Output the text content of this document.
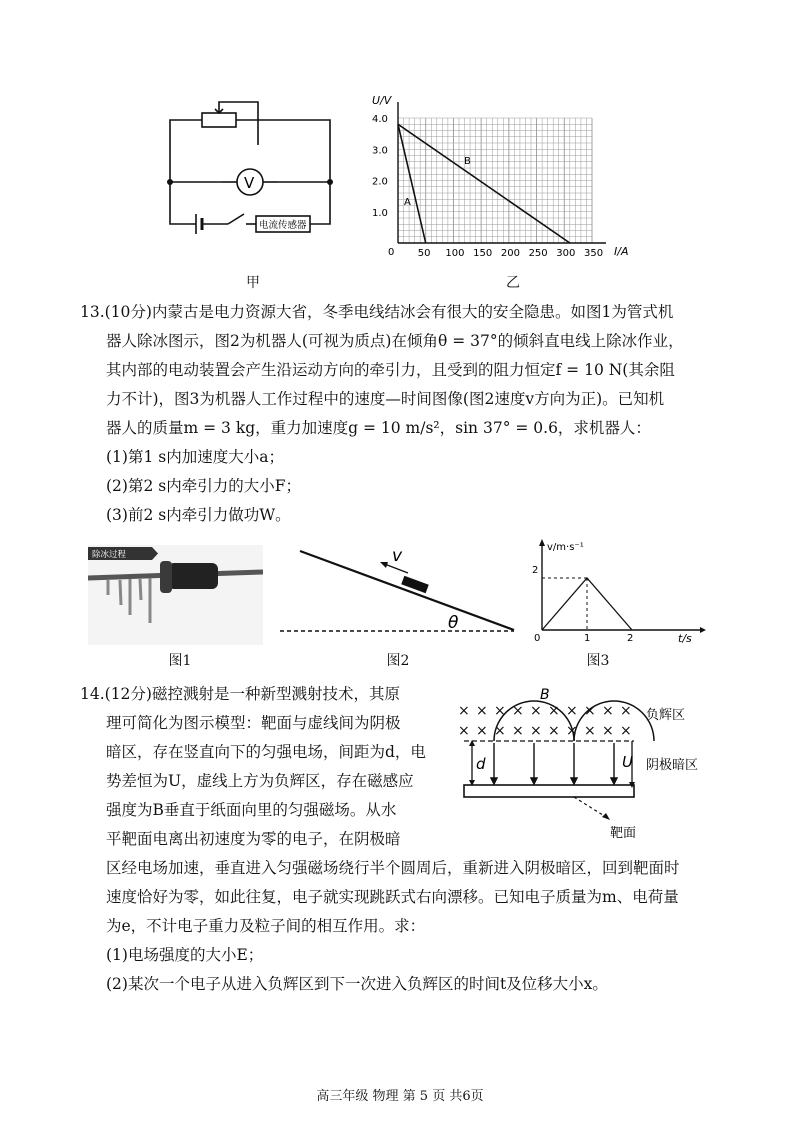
V
电流传感器
甲
50 100 150 200 250 300 350
0
1.0
2.0
3.0
4.0
U/V
I/A
A
B
乙
13.(10分)内蒙古是电力资源大省，冬季电线结冰会有很大的安全隐患。如图1为管式机
器人除冰图示，图2为机器人(可视为质点)在倾角θ = 37°的倾斜直电线上除冰作业，
其内部的电动装置会产生沿运动方向的牵引力，且受到的阻力恒定f = 10 N(其余阻
力不计)，图3为机器人工作过程中的速度—时间图像(图2速度v方向为正)。已知机
器人的质量m = 3 kg，重力加速度g = 10 m/s²，sin 37° = 0.6，求机器人：
(1)第1 s内加速度大小a；
(2)第2 s内牵引力的大小F；
(3)前2 s内牵引力做功W。
除冰过程
图1
v
θ
图2
v/m·s⁻¹
t/s
2
0	1	2
图3
14.(12分)磁控溅射是一种新型溅射技术，其原
理可简化为图示模型：靶面与虚线间为阴极
暗区，存在竖直向下的匀强电场，间距为d，电
势差恒为U，虚线上方为负辉区，存在磁感应
强度为B垂直于纸面向里的匀强磁场。从水
平靶面电离出初速度为零的电子，在阴极暗
区经电场加速，垂直进入匀强磁场绕行半个圆周后，重新进入阴极暗区，回到靶面时
速度恰好为零，如此往复，电子就实现跳跃式右向漂移。已知电子质量为m、电荷量
为e，不计电子重力及粒子间的相互作用。求：
(1)电场强度的大小E；
(2)某次一个电子从进入负辉区到下一次进入负辉区的时间t及位移大小x。
× × × × × × × × × ×
× × × × × × × × × ×
d	U
B
负辉区
阴极暗区
靶面
高三年级 物理 第 5 页 共6页
